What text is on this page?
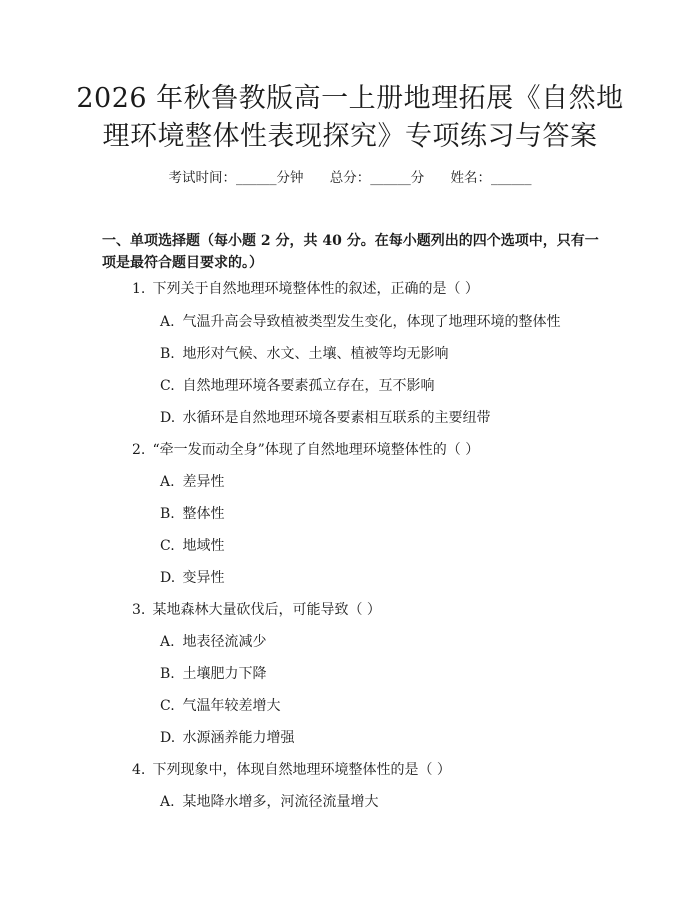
2026 年秋鲁教版高一上册地理拓展《自然地
理环境整体性表现探究》专项练习与答案
考试时间：______分钟 总分：______分 姓名：______

一、单项选择题（每小题 2 分，共 40 分。在每小题列出的四个选项中，只有一项是最符合题目要求的。）

1. 下列关于自然地理环境整体性的叙述，正确的是（ ）
A. 气温升高会导致植被类型发生变化，体现了地理环境的整体性
B. 地形对气候、水文、土壤、植被等均无影响
C. 自然地理环境各要素孤立存在，互不影响
D. 水循环是自然地理环境各要素相互联系的主要纽带
2. “牵一发而动全身”体现了自然地理环境整体性的（ ）
A. 差异性
B. 整体性
C. 地域性
D. 变异性
3. 某地森林大量砍伐后，可能导致（ ）
A. 地表径流减少
B. 土壤肥力下降
C. 气温年较差增大
D. 水源涵养能力增强
4. 下列现象中，体现自然地理环境整体性的是（ ）
A. 某地降水增多，河流径流量增大
